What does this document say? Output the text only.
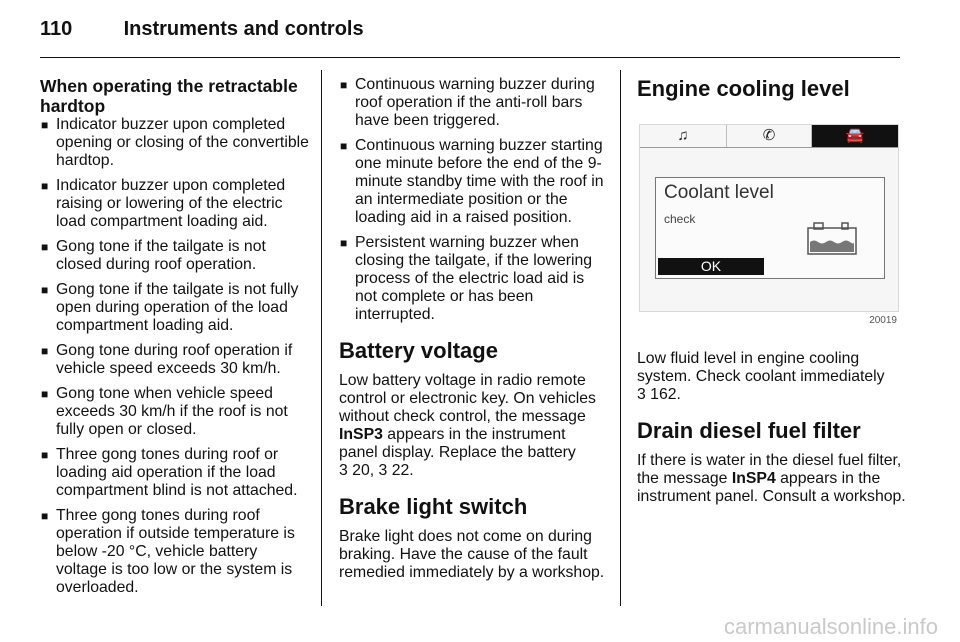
110	Instruments and controls
When operating the retractable hardtop
■ Indicator buzzer upon completed opening or closing of the convertible hardtop.
■ Indicator buzzer upon completed raising or lowering of the electric load compartment loading aid.
■ Gong tone if the tailgate is not closed during roof operation.
■ Gong tone if the tailgate is not fully open during operation of the load compartment loading aid.
■ Gong tone during roof operation if vehicle speed exceeds 30 km/h.
■ Gong tone when vehicle speed exceeds 30 km/h if the roof is not fully open or closed.
■ Three gong tones during roof or loading aid operation if the load compartment blind is not attached.
■ Three gong tones during roof operation if outside temperature is below -20 °C, vehicle battery voltage is too low or the system is overloaded.
■ Continuous warning buzzer during roof operation if the anti-roll bars have been triggered.
■ Continuous warning buzzer starting one minute before the end of the 9-minute standby time with the roof in an intermediate position or the loading aid in a raised position.
■ Persistent warning buzzer when closing the tailgate, if the lowering process of the electric load aid is not complete or has been interrupted.
Battery voltage

Low battery voltage in radio remote control or electronic key. On vehicles without check control, the message InSP3 appears in the instrument panel display. Replace the battery
3 20, 3 22.

Brake light switch

Brake light does not come on during braking. Have the cause of the fault remedied immediately by a workshop.

Engine cooling level
♫	✆	🚘
Coolant level
check
OK
20019

Low fluid level in engine cooling system. Check coolant immediately
3 162.

Drain diesel fuel filter

If there is water in the diesel fuel filter, the message InSP4 appears in the instrument panel. Consult a workshop.

carmanualsonline.info
